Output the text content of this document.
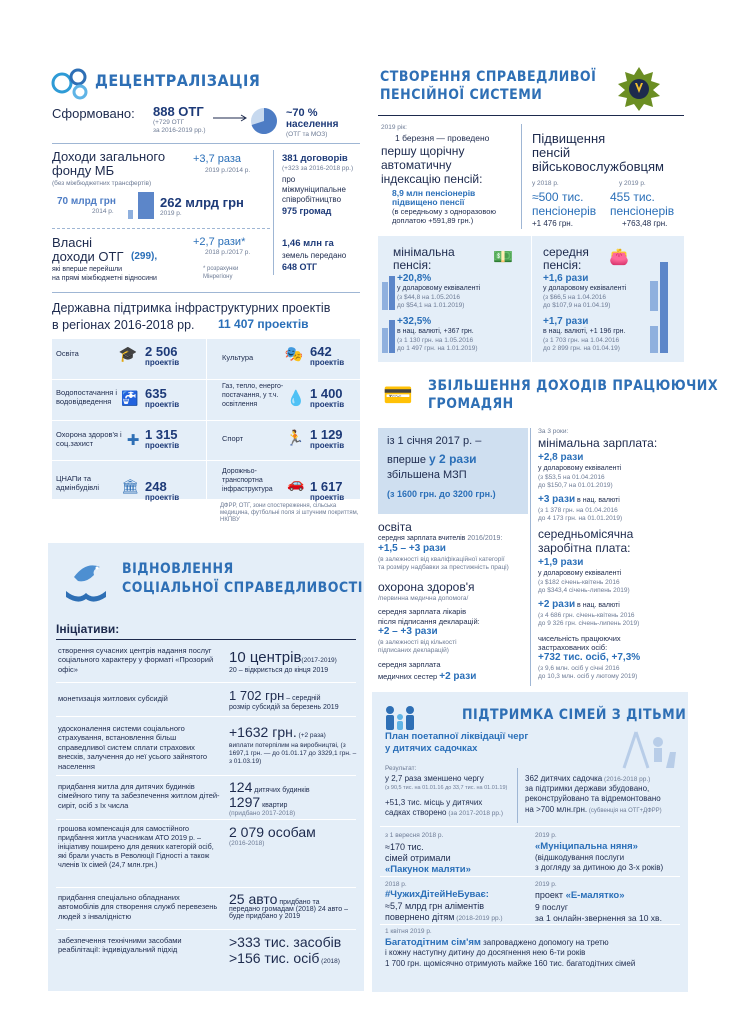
ДЕЦЕНТРАЛІЗАЦІЯ
Сформовано: 888 ОТГ
(+729 ОТГ
за 2016-2019 рр.)
~70 %
населення
(ОТГ та МОЗ)
Доходи загального
фонду МБ
(без міжбюджетних трансфертів)
+3,7 раза
2019 р./2014 р.
70 млрд грн
2014 р.
262 млрд грн
2019 р.
381 договорів
(+323 за 2016-2018 рр.)
про
міжмуніципальне
співробітництво
975 громад
Власні
доходи ОТГ (299),
які вперше перейшли
на прямі міжбюджетні відносини
+2,7 рази*
2018 р./2017 р.
* розрахунки
Мінрегіону
1,46 млн га
земель передано
648 ОТГ
Державна підтримка інфраструктурних проектів
в регіонах 2016-2018 рр. 11 407 проектів
Освіта	🎓 2 506
проектів
Водопостачання і водовідведення 🚰 635
проектів
Охорона здоров'я і соц.захист	✚ 1 315
проектів
ЦНАПи та адмінбудівлі	🏛 248
проектів
Культура	🎭 642
проектів
Газ, тепло, енерго-постачання, у т.ч. освітлення	💧 1 400
проектів
Спорт	🏃 1 129
проектів
Дорожньо-транспортна інфраструктура	🚗 1 617
проектів
ДФРР, ОТГ, зони спостереження, сільська медицина, футбольні поля зі штучним покриттям, НКПВУ
ВІДНОВЛЕННЯ
СОЦІАЛЬНОЇ СПРАВЕДЛИВОСТІ
Ініціативи:
створення сучасних центрів надання послуг соціального характеру у форматі «Прозорий офіс»
10 центрів(2017-2019)
20 – відкриється до кінця 2019
монетизація житлових субсидій	1 702 грн – середній
розмір субсидій за березень 2019
удосконалення системи соціального страхування, встановлення більш справедливої систем сплати страхових внесків, залучення до неї усього зайнятого населення
+1632 грн. (+2 раза)
виплати потерпілим на виробництві, (з 1697,1 грн. — до 01.01.17 до 3329,1 грн. – з 01.03.19)
придбання житла для дитячих будинків сімейного типу та забезпечення житлом дітей-сиріт, осіб з їх числа
124 дитячих будинків
1297 квартир
(придбано 2017-2018)
грошова компенсація для самостійного придбання житла учасникам АТО 2019 р. – ініціативу поширено для деяких категорій осіб, які брали участь в Революції Гідності а також членів їх сімей (24,7 млн.грн.)
2 079 особам
(2016-2018)
придбання спеціально обладнаних автомобілів для створення служб перевезень людей з інвалідністю
25 авто придбано та
передано громадам (2018) 24 авто – буде придбано у 2019
забезпечення технічними засобами реабілітації: індивідуальний підхід	>333 тис. засобів
>156 тис. осіб (2018)
СТВОРЕННЯ СПРАВЕДЛИВОЇ
ПЕНСІЙНОЇ СИСТЕМИ
2019 рік:
1 березня — проведено
першу щорічну
автоматичну
індексацію пенсій:
8,9 млн пенсіонерів
підвищено пенсії
(в середньому з одноразовою
доплатою +591,89 грн.)
Підвищення
пенсій
військовослужбовцям
у 2018 р.
≈500 тис.
пенсіонерів
+1 476 грн.
у 2019 р.
455 тис.
пенсіонерів
+763,48 грн.
мінімальна
пенсія:	💵
+20,8%
у доларовому еквіваленті
(з $44,8 на 1.05.2016
до $54,1 на 1.01.2019)
+32,5%
в нац. валюті, +367 грн.
(з 1 130 грн. на 1.05.2016
до 1 497 грн. на 1.01.2019)
середня
пенсія: 👛
+1,6 рази
у доларовому еквіваленті
(з $66,5 на 1.04.2016
до $107,9 на 01.04.19)
+1,7 рази
в нац. валюті, +1 196 грн.
(з 1 703 грн. на 1.04.2016
до 2 899 грн. на 01.04.19)
💳 ЗБІЛЬШЕННЯ ДОХОДІВ ПРАЦЮЮЧИХ
ГРОМАДЯН
із 1 січня 2017 р. –
вперше у 2 рази
збільшена МЗП
(з 1600 грн. до 3200 грн.)
освіта
середня зарплата вчителів 2016/2019:
+1,5 – +3 рази
(в залежності від кваліфікаційної категорії
та розміру надбавки за престижність праці)
охорона здоров'я
/первинна медична допомога/
середня зарплата лікарів
після підписання декларацій:
+2 – +3 рази
(в залежності від кількості
підписаних декларацій)
середня зарплата
медичних сестер +2 рази
За 3 роки:
мінімальна зарплата:
+2,8 рази
у доларовому еквіваленті
(з $53,5 на 01.04.2016
до $150,7 на 01.01.2019)
+3 рази в нац. валюті
(з 1 378 грн. на 01.04.2016
до 4 173 грн. на 01.01.2019)
середньомісячна
заробітна плата:
+1,9 рази
у доларовому еквіваленті
(з $182 січень-квітень 2016
до $343,4 січень-липень 2019)
+2 рази в нац. валюті
(з 4 686 грн. січень-квітень 2016
до 9 326 грн. січень-липень 2019)
чисельність працюючих
застрахованих осіб:
+732 тис. осіб, +7,3%
(з 9,6 млн. осіб у січні 2016
до 10,3 млн. осіб у лютому 2019)
ПІДТРИМКА СІМЕЙ З ДІТЬМИ
План поетапної ліквідації черг
у дитячих садочках
Результат:
у 2,7 раза зменшено чергу
(з 90,5 тис. на 01.01.16 до 33,7 тис. на 01.01.19)
+51,3 тис. місць у дитячих
садках створено (за 2017-2018 рр.)
362 дитячих садочка (2016-2018 рр.)
за підтримки держави збудовано,
реконструйовано та відремонтовано
на >700 млн.грн. (субвенція на ОТГ+ДФРР)
з 1 вересня 2018 р.
≈170 тис.
сімей отримали
«Пакунок маляти»
2019 р.
«Муніципальна няня»
(відшкодування послуги
з догляду за дитиною до 3-х років)
2018 р.
#ЧужихДітейНеБуває:
≈5,7 млрд грн аліментів
повернено дітям (2018-2019 рр.)
2019 р.
проект «Е-малятко»
9 послуг
за 1 онлайн-звернення за 10 хв.
1 квітня 2019 р.
Багатодітним сім'ям запроваджено допомогу на третю
і кожну наступну дитину до досягнення нею 6-ти років
1 700 грн. щомісячно отримують майже 160 тис. багатодітних сімей
